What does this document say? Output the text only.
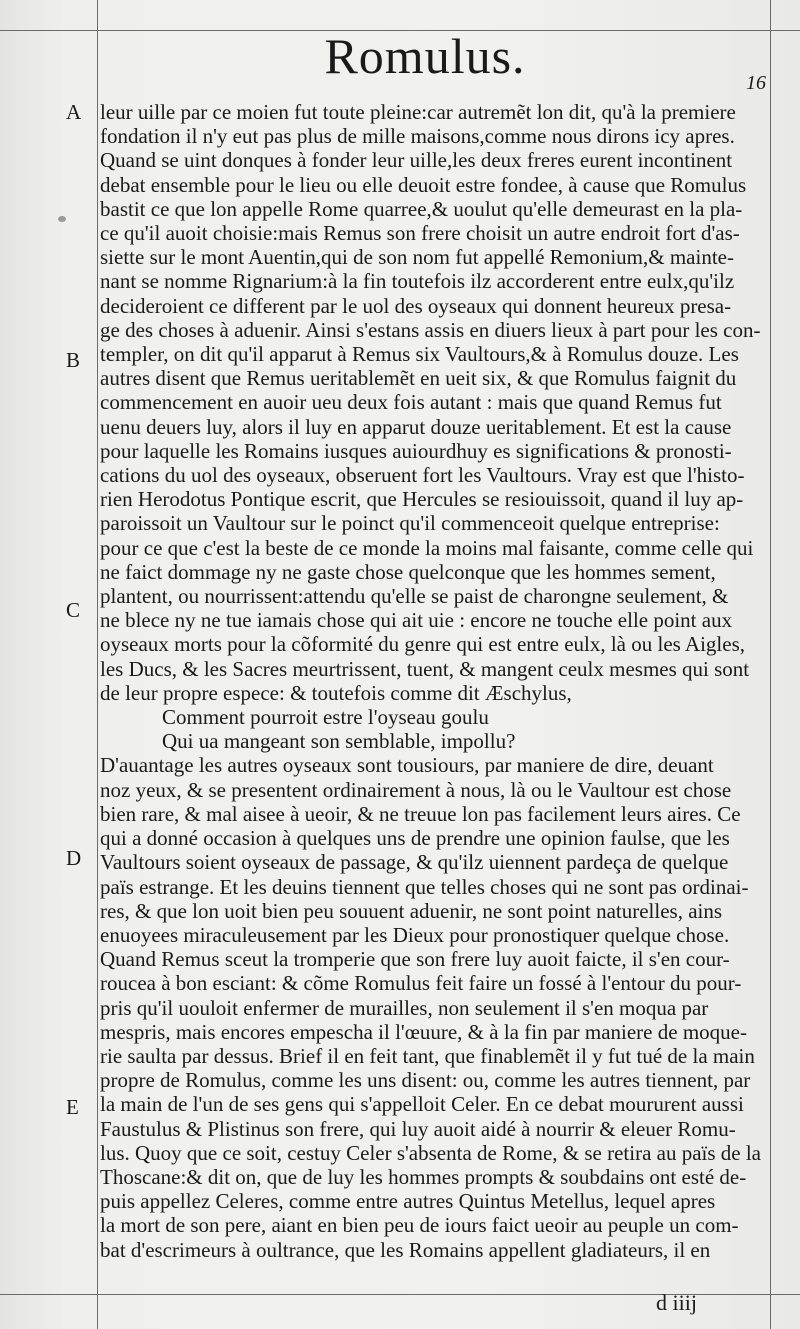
Romulus.	16
A
B
C
D
E
leur uille par ce moien fut toute pleine:car autremẽt lon dit, qu'à la premiere
fondation il n'y eut pas plus de mille maisons,comme nous dirons icy apres.
Quand se uint donques à fonder leur uille,les deux freres eurent incontinent
debat ensemble pour le lieu ou elle deuoit estre fondee, à cause que Romulus
bastit ce que lon appelle Rome quarree,& uoulut qu'elle demeurast en la pla-
ce qu'il auoit choisie:mais Remus son frere choisit un autre endroit fort d'as-
siette sur le mont Auentin,qui de son nom fut appellé Remonium,& mainte-
nant se nomme Rignarium:à la fin toutefois ilz accorderent entre eulx,qu'ilz
decideroient ce different par le uol des oyseaux qui donnent heureux presa-
ge des choses à aduenir. Ainsi s'estans assis en diuers lieux à part pour les con-
templer, on dit qu'il apparut à Remus six Vaultours,& à Romulus douze. Les
autres disent que Remus ueritablemẽt en ueit six, & que Romulus faignit du
commencement en auoir ueu deux fois autant : mais que quand Remus fut
uenu deuers luy, alors il luy en apparut douze ueritablement. Et est la cause
pour laquelle les Romains iusques auiourdhuy es significations & pronosti-
cations du uol des oyseaux, obseruent fort les Vaultours. Vray est que l'histo-
rien Herodotus Pontique escrit, que Hercules se resiouissoit, quand il luy ap-
paroissoit un Vaultour sur le poinct qu'il commenceoit quelque entreprise:
pour ce que c'est la beste de ce monde la moins mal faisante, comme celle qui
ne faict dommage ny ne gaste chose quelconque que les hommes sement,
plantent, ou nourrissent:attendu qu'elle se paist de charongne seulement, &
ne blece ny ne tue iamais chose qui ait uie : encore ne touche elle point aux
oyseaux morts pour la cõformité du genre qui est entre eulx, là ou les Aigles,
les Ducs, & les Sacres meurtrissent, tuent, & mangent ceulx mesmes qui sont
de leur propre espece: & toutefois comme dit Æschylus,
Comment pourroit estre l'oyseau goulu
Qui ua mangeant son semblable, impollu?
D'auantage les autres oyseaux sont tousiours, par maniere de dire, deuant
noz yeux, & se presentent ordinairement à nous, là ou le Vaultour est chose
bien rare, & mal aisee à ueoir, & ne treuue lon pas facilement leurs aires. Ce
qui a donné occasion à quelques uns de prendre une opinion faulse, que les
Vaultours soient oyseaux de passage, & qu'ilz uiennent pardeça de quelque
païs estrange. Et les deuins tiennent que telles choses qui ne sont pas ordinai-
res, & que lon uoit bien peu souuent aduenir, ne sont point naturelles, ains
enuoyees miraculeusement par les Dieux pour pronostiquer quelque chose.
Quand Remus sceut la tromperie que son frere luy auoit faicte, il s'en cour-
roucea à bon esciant: & cõme Romulus feit faire un fossé à l'entour du pour-
pris qu'il uouloit enfermer de murailles, non seulement il s'en moqua par
mespris, mais encores empescha il l'œuure, & à la fin par maniere de moque-
rie saulta par dessus. Brief il en feit tant, que finablemẽt il y fut tué de la main
propre de Romulus, comme les uns disent: ou, comme les autres tiennent, par
la main de l'un de ses gens qui s'appelloit Celer. En ce debat moururent aussi
Faustulus & Plistinus son frere, qui luy auoit aidé à nourrir & eleuer Romu-
lus. Quoy que ce soit, cestuy Celer s'absenta de Rome, & se retira au païs de la
Thoscane:& dit on, que de luy les hommes prompts & soubdains ont esté de-
puis appellez Celeres, comme entre autres Quintus Metellus, lequel apres
la mort de son pere, aiant en bien peu de iours faict ueoir au peuple un com-
bat d'escrimeurs à oultrance, que les Romains appellent gladiateurs, il en
d iiij
